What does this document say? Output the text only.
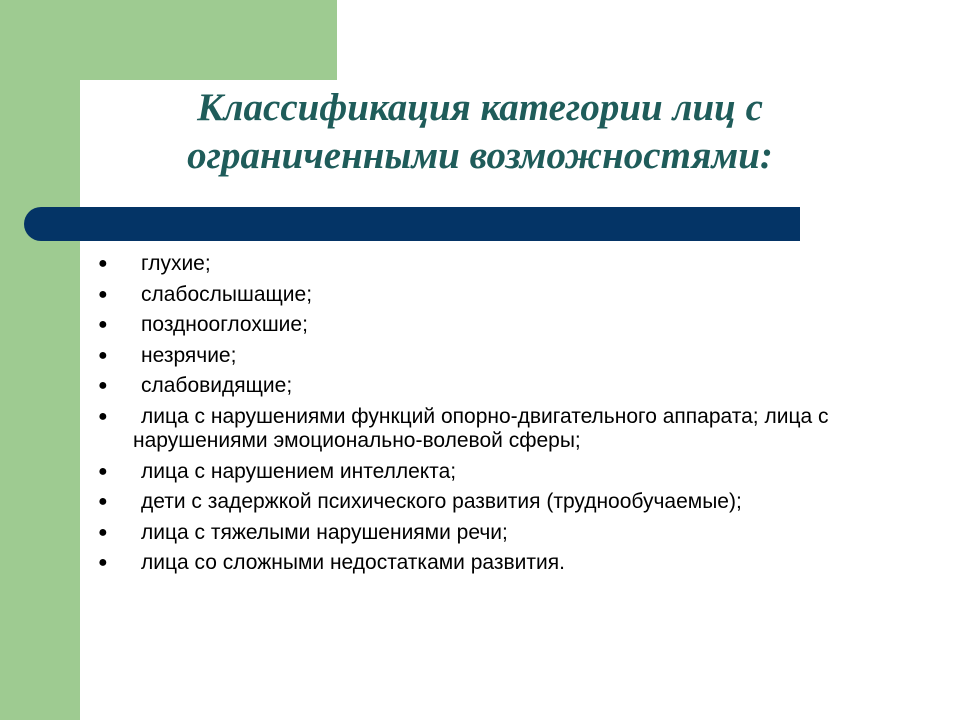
Классификация категории лиц с
ограниченными возможностями:
●	глухие;
●	слабослышащие;
●	позднооглохшие;
●	незрячие;
●	слабовидящие;
●	лица с нарушениями функций опорно-двигательного аппарата; лица с нарушениями эмоционально-волевой сферы;
●	лица с нарушением интеллекта;
●	дети с задержкой психического развития (труднообучаемые);
●	лица с тяжелыми нарушениями речи;
●	лица со сложными недостатками развития.
